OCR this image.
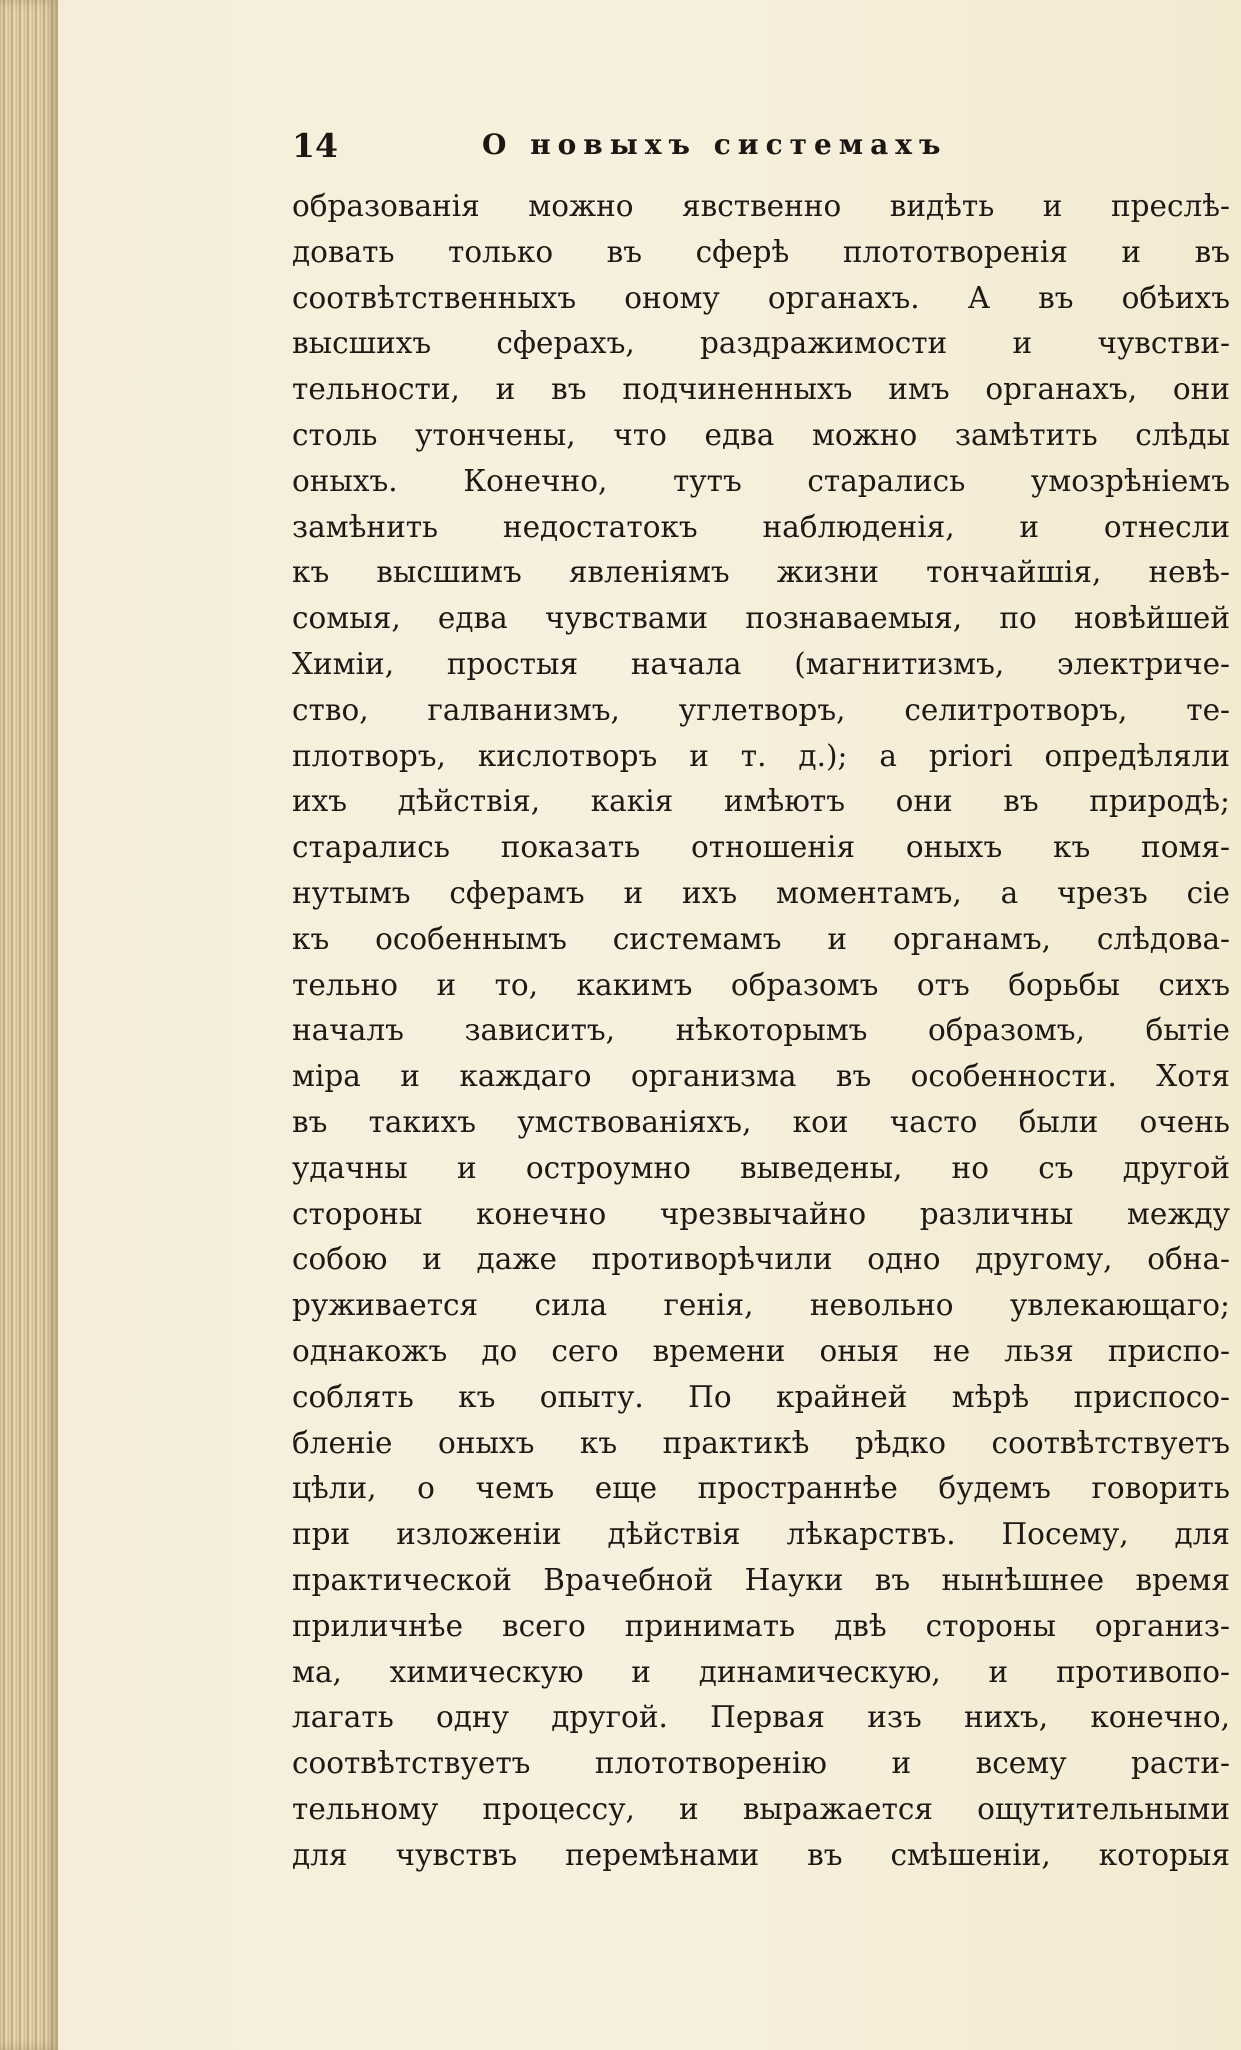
14	О новыхъ системахъ
образованія можно явственно видѣть и преслѣ-
довать только въ сферѣ плототворенія и въ
соотвѣтственныхъ оному органахъ. А въ обѣихъ
высшихъ сферахъ, раздражимости и чувстви-
тельности, и въ подчиненныхъ имъ органахъ, они
столь утончены, что едва можно замѣтить слѣды
оныхъ. Конечно, тутъ старались умозрѣніемъ
замѣнить недостатокъ наблюденія, и отнесли
къ высшимъ явленіямъ жизни тончайшія, невѣ-
сомыя, едва чувствами познаваемыя, по новѣйшей
Химіи, простыя начала (магнитизмъ, электриче-
ство, галванизмъ, углетворъ, селитротворъ, те-
плотворъ, кислотворъ и т. д.); а priori опредѣляли
ихъ дѣйствія, какія имѣютъ они въ природѣ;
старались показать отношенія оныхъ къ помя-
нутымъ сферамъ и ихъ моментамъ, а чрезъ сіе
къ особеннымъ системамъ и органамъ, слѣдова-
тельно и то, какимъ образомъ отъ борьбы сихъ
началъ зависитъ, нѣкоторымъ образомъ, бытіе
міра и каждаго организма въ особенности. Хотя
въ такихъ умствованіяхъ, кои часто были очень
удачны и остроумно выведены, но съ другой
стороны конечно чрезвычайно различны между
собою и даже противорѣчили одно другому, обна-
руживается сила генія, невольно увлекающаго;
однакожъ до сего времени оныя не льзя приспо-
соблять къ опыту. По крайней мѣрѣ приспосо-
бленіе оныхъ къ практикѣ рѣдко соотвѣтствуетъ
цѣли, о чемъ еще пространнѣе будемъ говорить
при изложеніи дѣйствія лѣкарствъ. Посему, для
практической Врачебной Науки въ нынѣшнее время
приличнѣе всего принимать двѣ стороны организ-
ма, химическую и динамическую, и противопо-
лагать одну другой. Первая изъ нихъ, конечно,
соотвѣтствуетъ плототворенію и всему расти-
тельному процессу, и выражается ощутительными
для чувствъ перемѣнами въ смѣшеніи, которыя
